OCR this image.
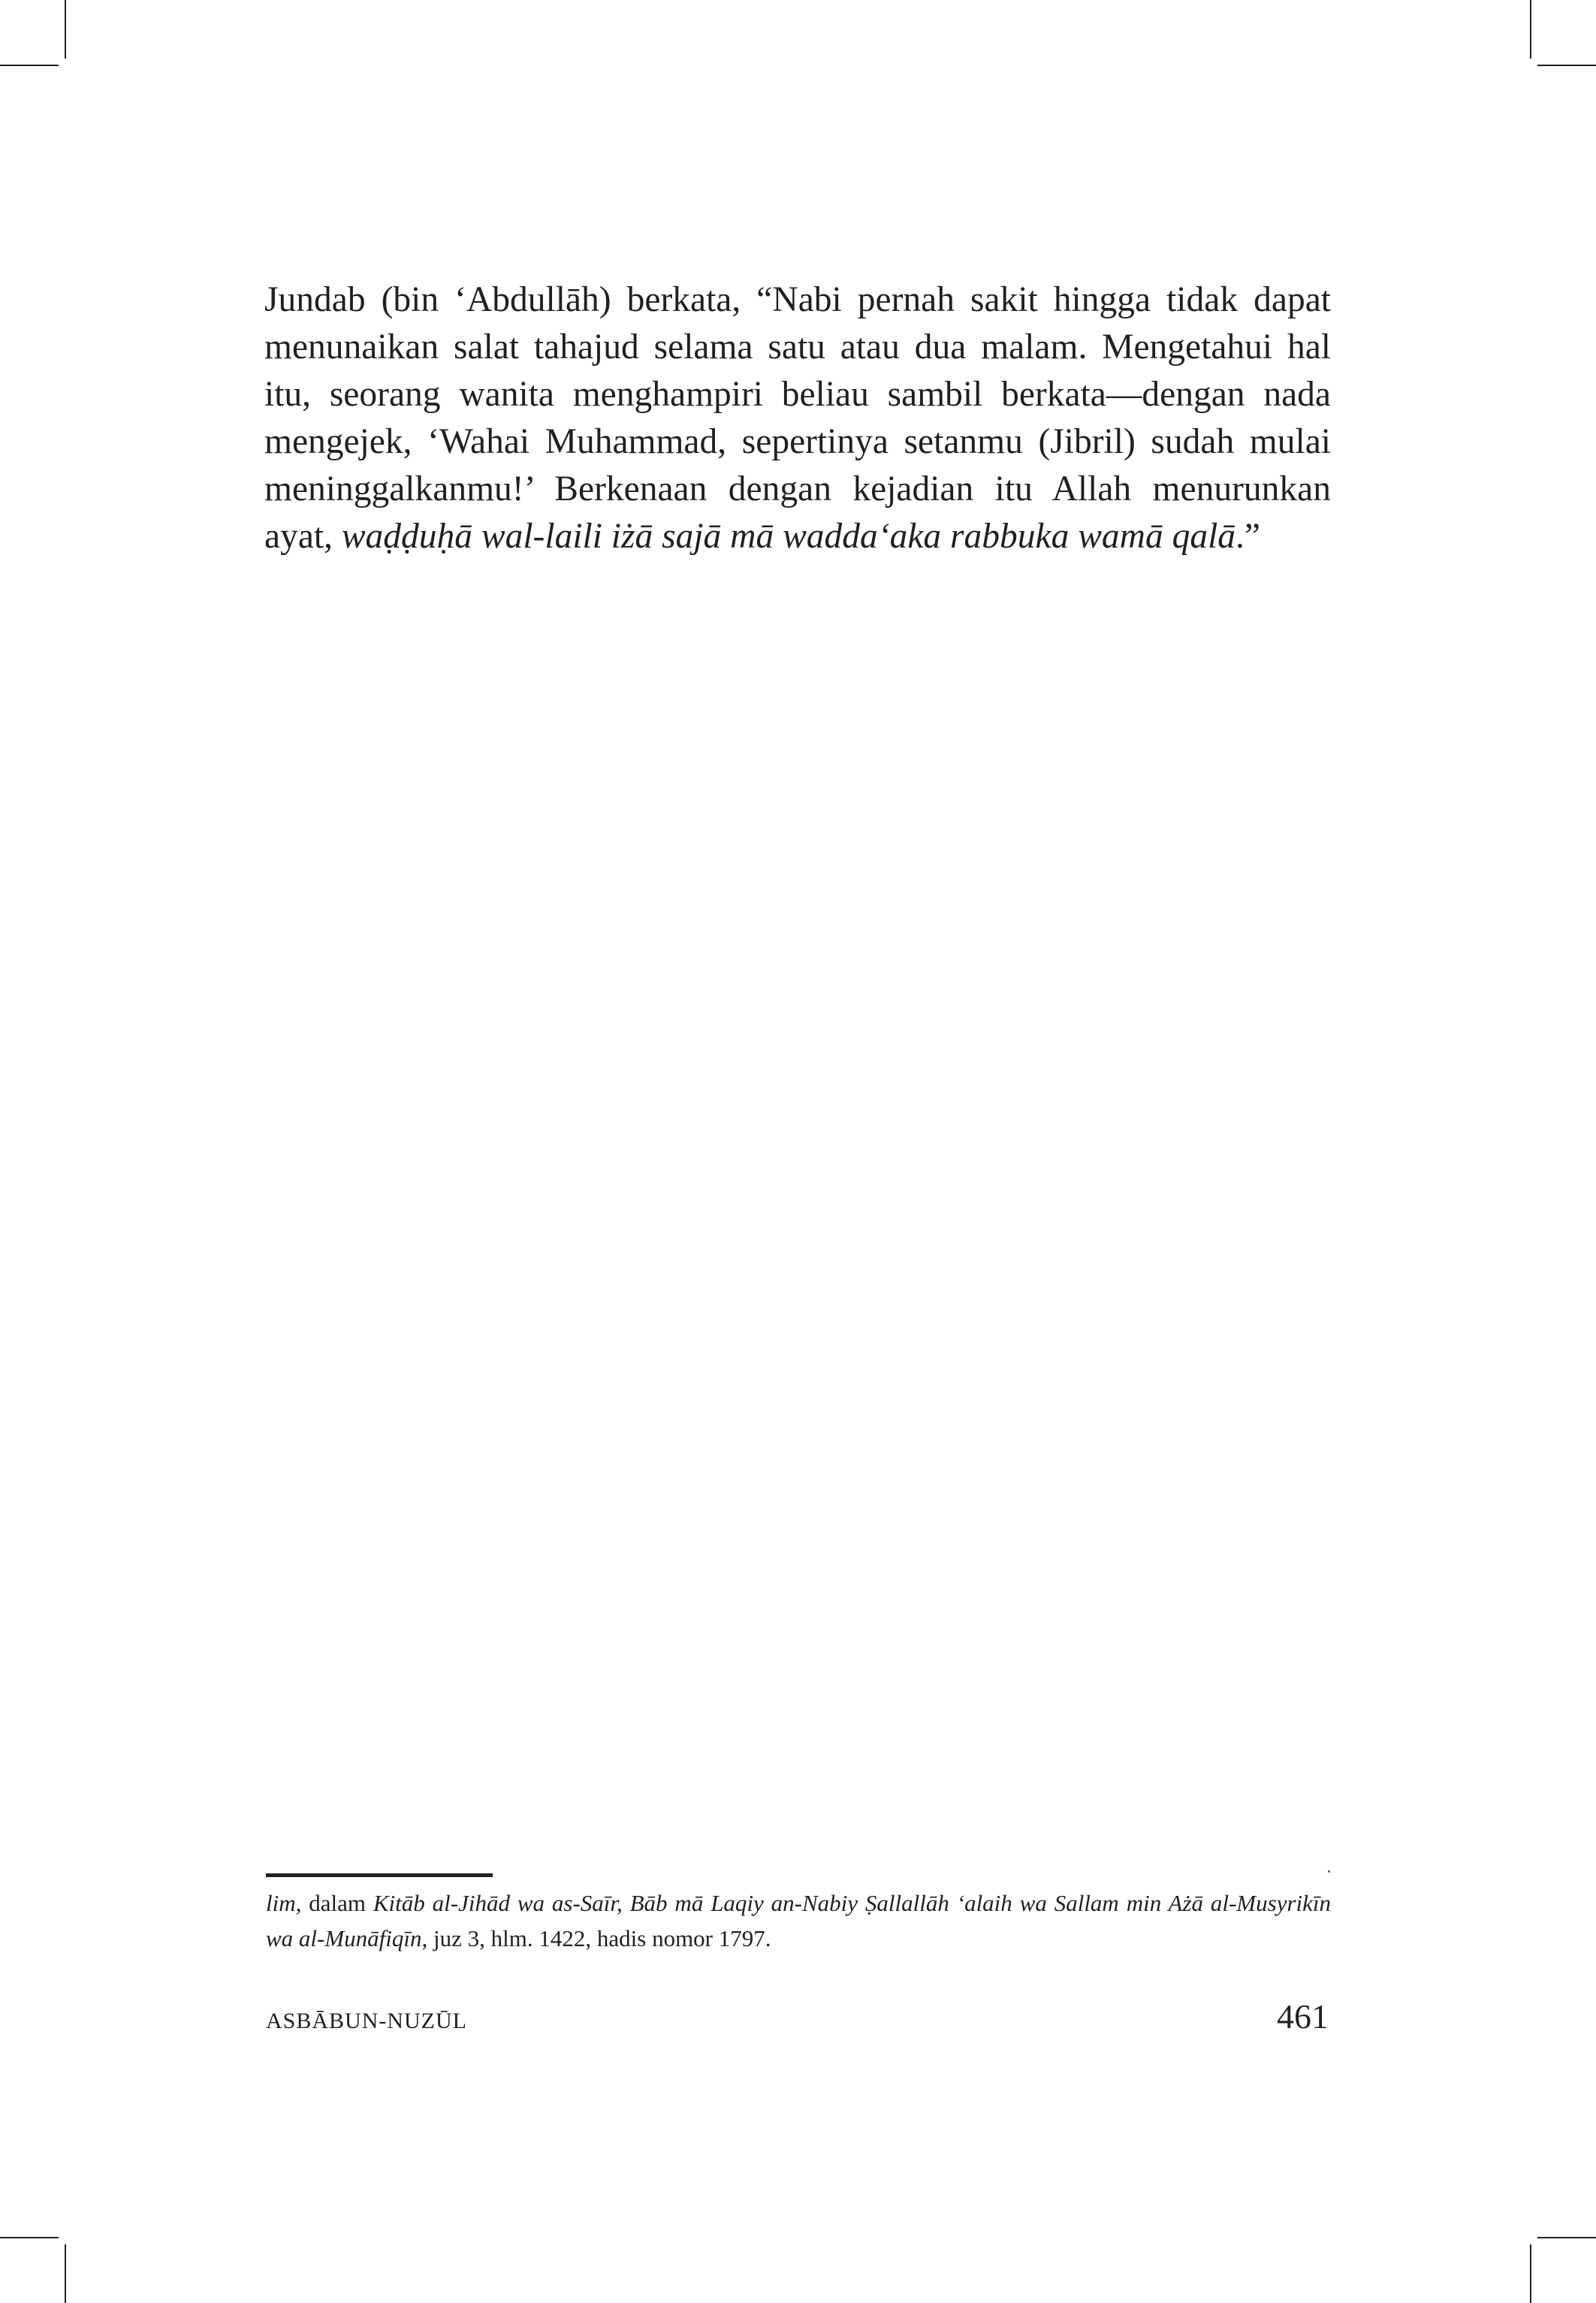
Jundab (bin ‘Abdullāh) berkata, “Nabi pernah sakit hingga tidak dapat menunaikan salat tahajud selama satu atau dua malam. Mengetahui hal itu, seorang wanita menghampiri beliau sambil berkata—dengan nada mengejek, ‘Wahai Muhammad, sepertinya setanmu (Jibril) sudah mulai meninggalkanmu!’ Berkenaan dengan kejadian itu Allah menurunkan ayat, waḍḍuḥā wal-laili iżā sajā mā wadda‘aka rabbuka wamā qalā.”

lim, dalam Kitāb al-Jihād wa as-Saīr, Bāb mā Laqiy an-Nabiy Ṣallallāh ‘alaih wa Sallam min Ażā al-Musyrikīn wa al-Munāfiqīn, juz 3, hlm. 1422, hadis nomor 1797.

ASBĀBUN-NUZŪL	461
